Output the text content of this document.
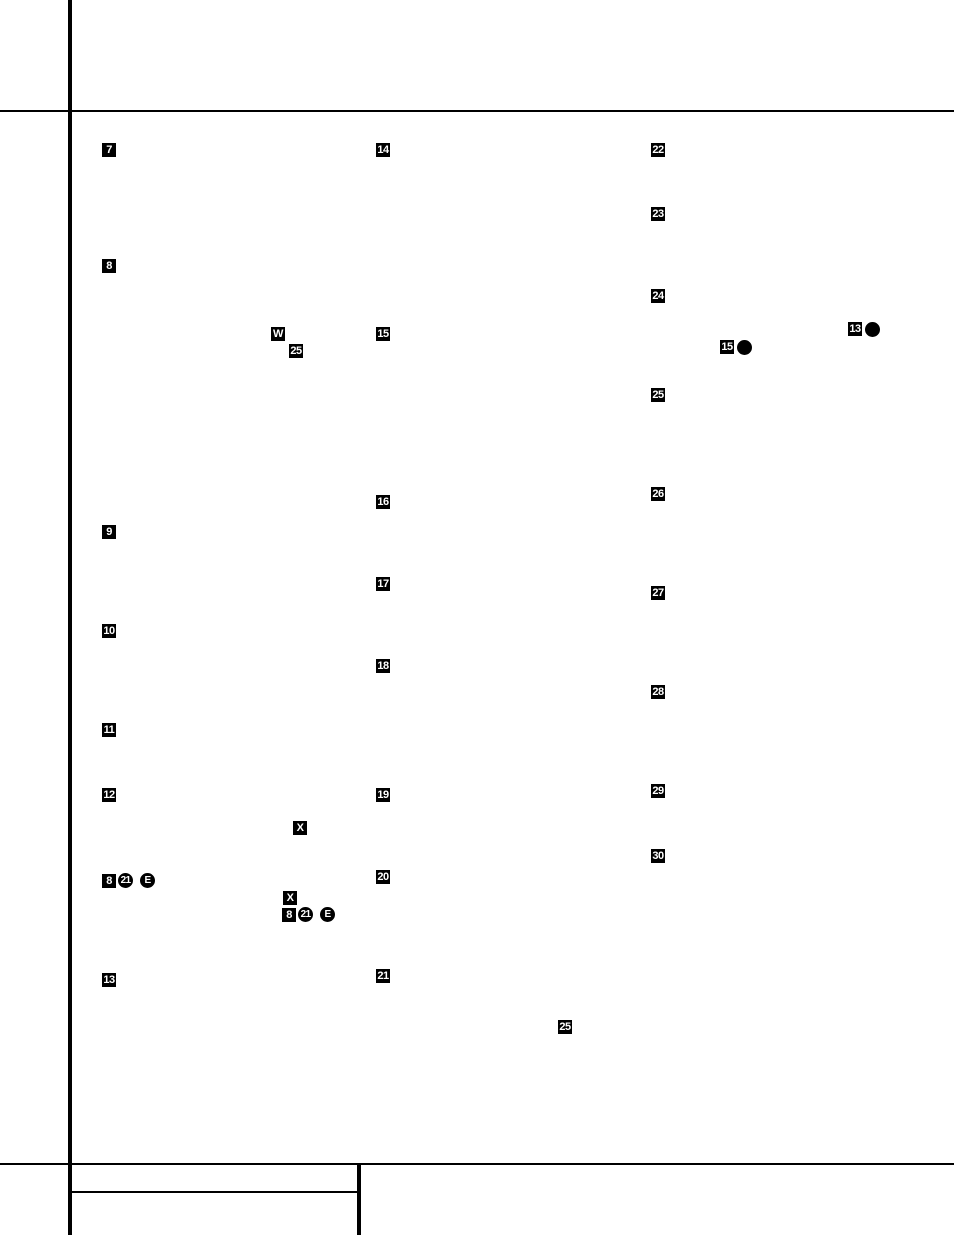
7
8
W
25
9
10
11
12
X
8 21	E
X
8 21	E
13
14
15
16
17
18
19
20
21
25
22
23
24
13
15
25
26
27
28
29
30
